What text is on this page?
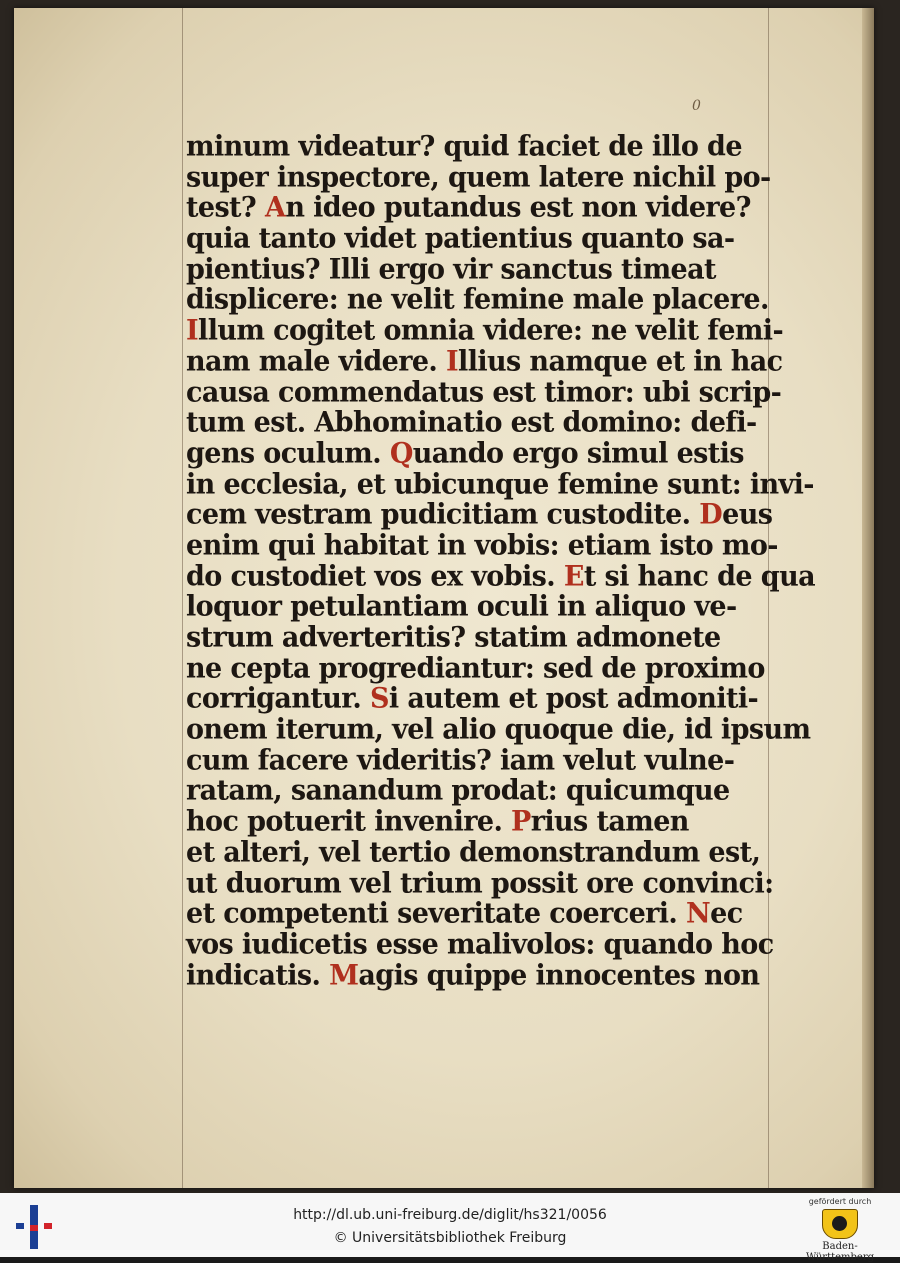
0
minum videatur? quid faciet de illo de
super inspectore, quem latere nichil po-
test? An ideo putandus est non videre?
quia tanto videt patientius quanto sa-
pientius? Illi ergo vir sanctus timeat
displicere: ne velit femine male placere.
Illum cogitet omnia videre: ne velit femi-
nam male videre. Illius namque et in hac
causa commendatus est timor: ubi scrip-
tum est. Abhominatio est domino: defi-
gens oculum. Quando ergo simul estis
in ecclesia, et ubicunque femine sunt: invi-
cem vestram pudicitiam custodite. Deus
enim qui habitat in vobis: etiam isto mo-
do custodiet vos ex vobis. Et si hanc de qua
loquor petulantiam oculi in aliquo ve-
strum adverteritis? statim admonete
ne cepta progrediantur: sed de proximo
corrigantur. Si autem et post admoniti-
onem iterum, vel alio quoque die, id ipsum
cum facere videritis? iam velut vulne-
ratam, sanandum prodat: quicumque
hoc potuerit invenire. Prius tamen
et alteri, vel tertio demonstrandum est,
ut duorum vel trium possit ore convinci:
et competenti severitate coerceri. Nec
vos iudicetis esse malivolos: quando hoc
indicatis. Magis quippe innocentes non
http://dl.ub.uni-freiburg.de/diglit/hs321/0056
© Universitätsbibliothek Freiburg
gefördert durch
Baden-Württemberg
